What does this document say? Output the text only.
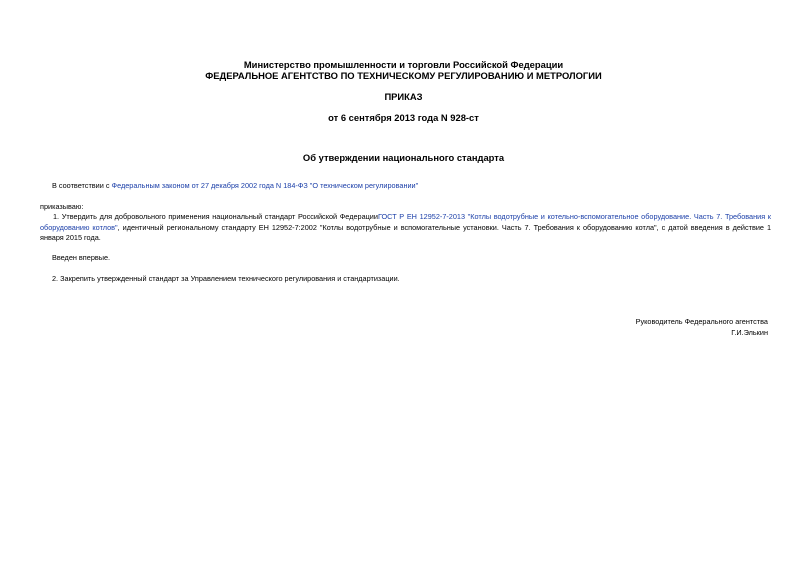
Министерство промышленности и торговли Российской Федерации

ФЕДЕРАЛЬНОЕ АГЕНТСТВО ПО ТЕХНИЧЕСКОМУ РЕГУЛИРОВАНИЮ И МЕТРОЛОГИИ

ПРИКАЗ

от 6 сентября 2013 года N 928-ст

Об утверждении национального стандарта

В соответствии с Федеральным законом от 27 декабря 2002 года N 184-ФЗ "О техническом регулировании"

приказываю:

1. Утвердить для добровольного применения национальный стандарт Российской ФедерацииГОСТ Р ЕН 12952-7-2013 "Котлы водотрубные и котельно-вспомогательное оборудование. Часть 7. Требования к оборудованию котлов", идентичный региональному стандарту ЕН 12952-7:2002 "Котлы водотрубные и вспомогательные установки. Часть 7. Требования к оборудованию котла", с датой введения в действие 1 января 2015 года.

Введен впервые.

2. Закрепить утвержденный стандарт за Управлением технического регулирования и стандартизации.

Руководитель Федерального агентства
Г.И.Элькин
